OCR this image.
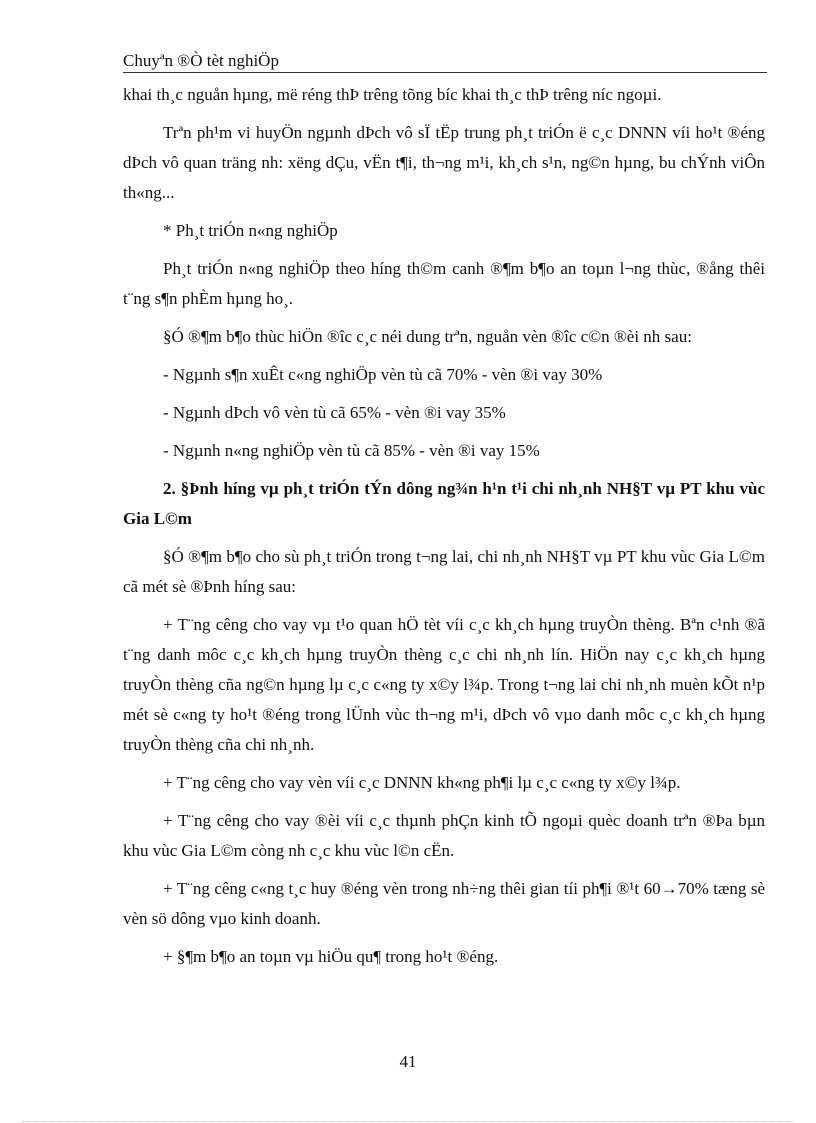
Chuyªn ®Ò tèt nghiÖp

khai th¸c nguån hµng, më réng thÞ trêng tõng bíc khai th¸c thÞ trêng níc ngoµi.

Trªn ph¹m vi huyÖn ngµnh dÞch vô sÏ tËp trung ph¸t triÓn ë c¸c DNNN víi ho¹t ®éng dÞch vô quan träng nh: xëng dÇu, vËn t¶i, th¬ng m¹i, kh¸ch s¹n, ng©n hµng, bu chÝnh viÔn th«ng...

* Ph¸t triÓn n«ng nghiÖp

Ph¸t triÓn n«ng nghiÖp theo híng th©m canh ®¶m b¶o an toµn l¬ng thùc, ®ång thêi t¨ng s¶n phÈm hµng ho¸.

§Ó ®¶m b¶o thùc hiÖn ®îc c¸c néi dung trªn, nguån vèn ®îc c©n ®èi nh sau:

- Ngµnh s¶n xuÊt c«ng nghiÖp vèn tù cã 70% - vèn ®i vay 30%

- Ngµnh dÞch vô vèn tù cã 65% - vèn ®i vay 35%

- Ngµnh n«ng nghiÖp vèn tù cã 85% - vèn ®i vay 15%

2. §Þnh híng vµ ph¸t triÓn tÝn dông ng¾n h¹n t¹i chi nh¸nh NH§T vµ PT khu vùc Gia L©m

§Ó ®¶m b¶o cho sù ph¸t triÓn trong t¬ng lai, chi nh¸nh NH§T vµ PT khu vùc Gia L©m cã mét sè ®Þnh híng sau:

+ T¨ng cêng cho vay vµ t¹o quan hÖ tèt víi c¸c kh¸ch hµng truyÒn thèng. Bªn c¹nh ®ã t¨ng danh môc c¸c kh¸ch hµng truyÒn thèng c¸c chi nh¸nh lín. HiÖn nay c¸c kh¸ch hµng truyÒn thèng cña ng©n hµng lµ c¸c c«ng ty x©y l¾p. Trong t¬ng lai chi nh¸nh muèn kÕt n¹p mét sè c«ng ty ho¹t ®éng trong lÜnh vùc th¬ng m¹i, dÞch vô vµo danh môc c¸c kh¸ch hµng truyÒn thèng cña chi nh¸nh.

+ T¨ng cêng cho vay vèn víi c¸c DNNN kh«ng ph¶i lµ c¸c c«ng ty x©y l¾p.

+ T¨ng cêng cho vay ®èi víi c¸c thµnh phÇn kinh tÕ ngoµi quèc doanh trªn ®Þa bµn khu vùc Gia L©m còng nh c¸c khu vùc l©n cËn.

+ T¨ng cêng c«ng t¸c huy ®éng vèn trong nh÷ng thêi gian tíi ph¶i ®¹t 60→70% tæng sè vèn sö dông vµo kinh doanh.

+ §¶m b¶o an toµn vµ hiÖu qu¶ trong ho¹t ®éng.

41
